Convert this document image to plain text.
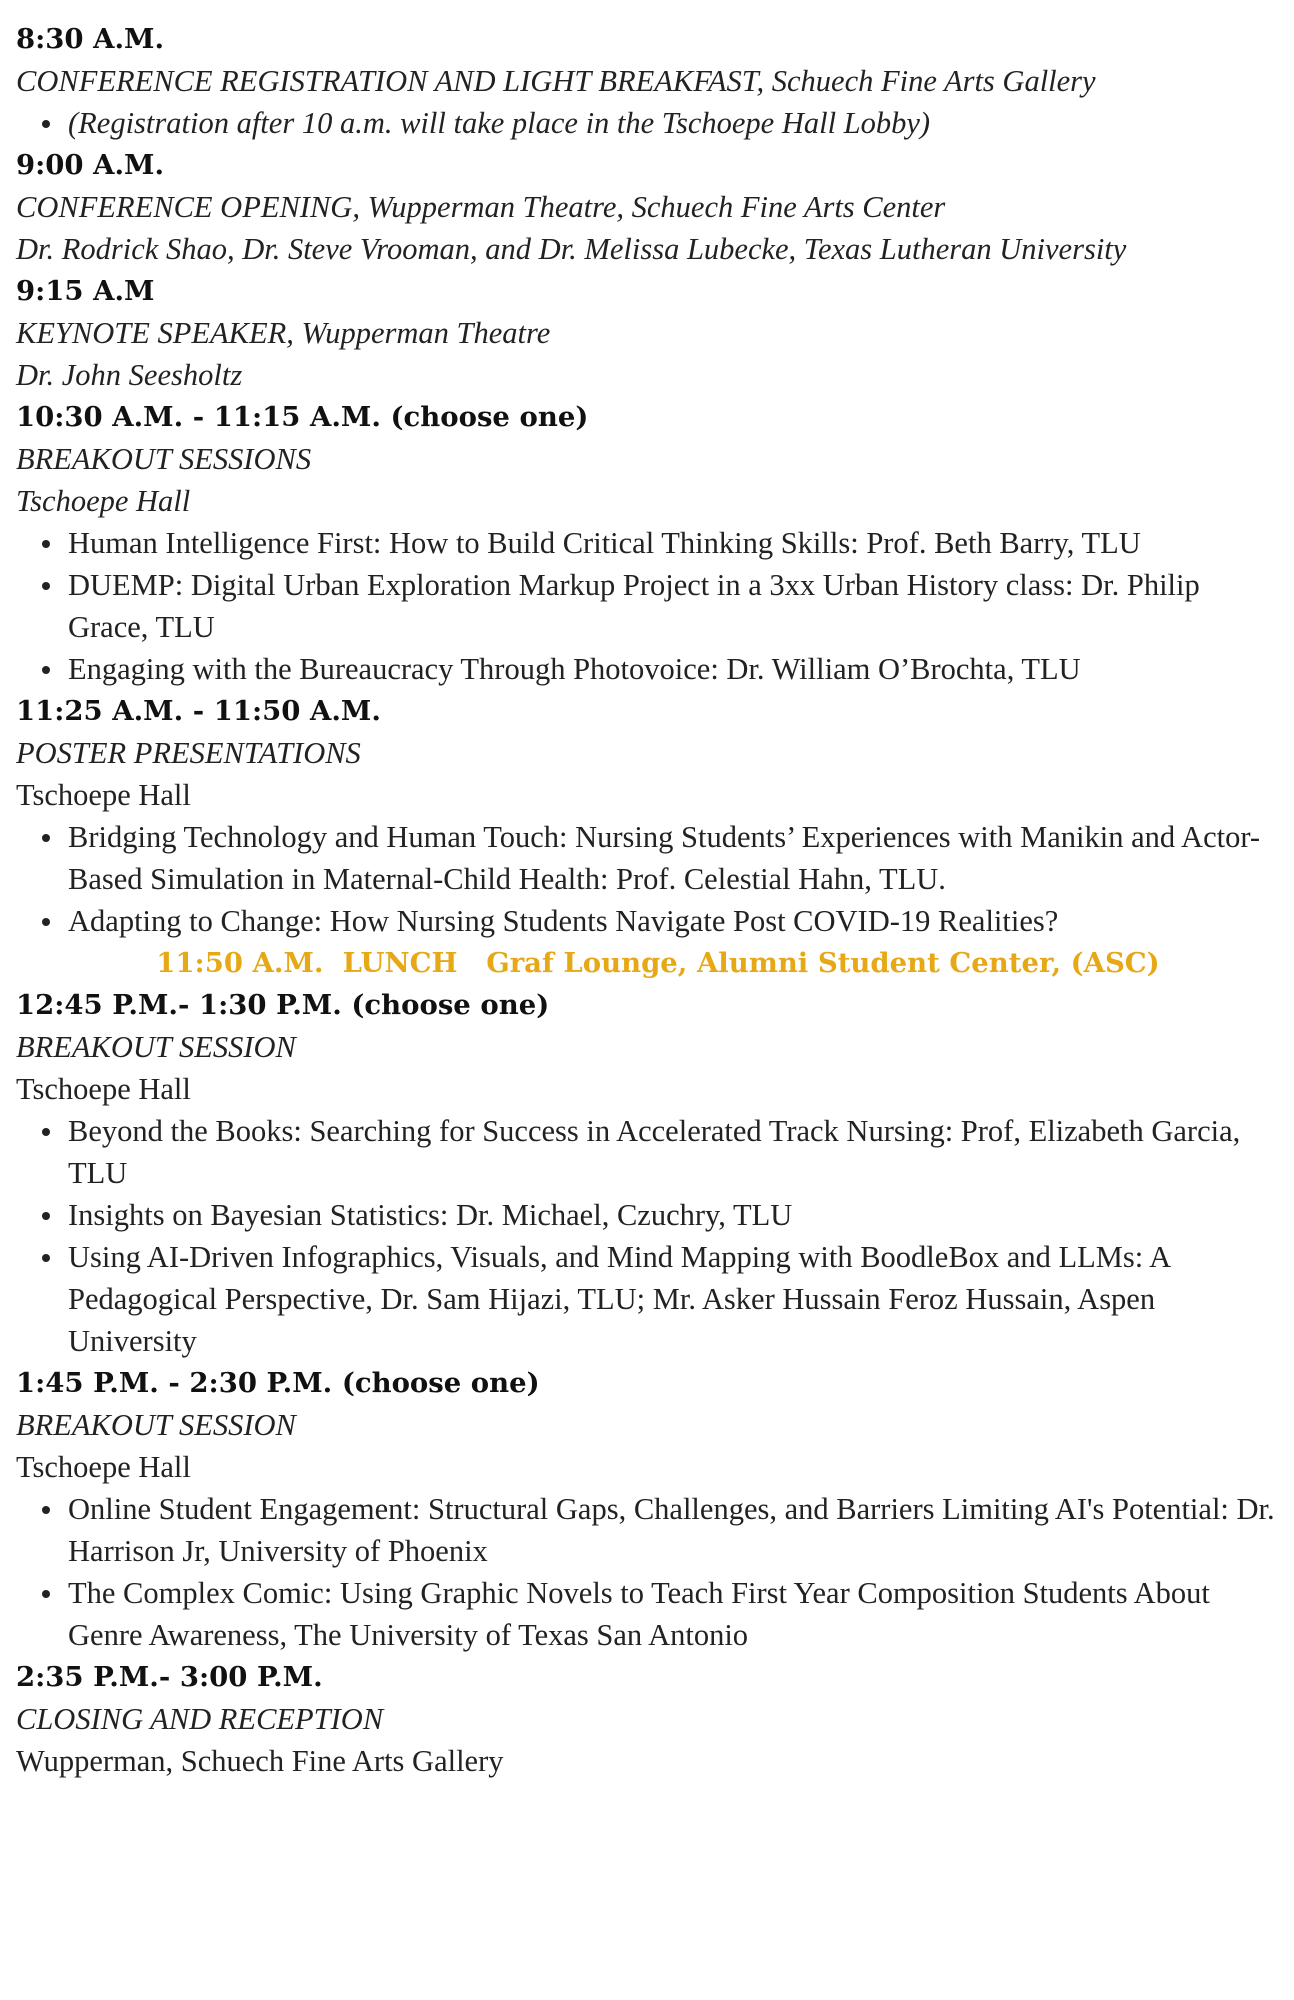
8:30 A.M.

CONFERENCE REGISTRATION AND LIGHT BREAKFAST, Schuech Fine Arts Gallery

(Registration after 10 a.m. will take place in the Tschoepe Hall Lobby)

9:00 A.M.

CONFERENCE OPENING, Wupperman Theatre, Schuech Fine Arts Center

Dr. Rodrick Shao, Dr. Steve Vrooman, and Dr. Melissa Lubecke, Texas Lutheran University

9:15 A.M

KEYNOTE SPEAKER, Wupperman Theatre

Dr. John Seesholtz

10:30 A.M. - 11:15 A.M. (choose one)

BREAKOUT SESSIONS

Tschoepe Hall

Human Intelligence First: How to Build Critical Thinking Skills: Prof. Beth Barry, TLU
DUEMP: Digital Urban Exploration Markup Project in a 3xx Urban History class: Dr. Philip Grace, TLU
Engaging with the Bureaucracy Through Photovoice: Dr. William O’Brochta, TLU

11:25 A.M. - 11:50 A.M.

POSTER PRESENTATIONS

Tschoepe Hall

Bridging Technology and Human Touch: Nursing Students’ Experiences with Manikin and Actor-Based Simulation in Maternal-Child Health: Prof. Celestial Hahn, TLU.
Adapting to Change: How Nursing Students Navigate Post COVID-19 Realities?
11:50 A.M. LUNCH Graf Lounge, Alumni Student Center, (ASC)

12:45 P.M.- 1:30 P.M. (choose one)

BREAKOUT SESSION

Tschoepe Hall

Beyond the Books: Searching for Success in Accelerated Track Nursing: Prof, Elizabeth Garcia, TLU
Insights on Bayesian Statistics: Dr. Michael, Czuchry, TLU
Using AI-Driven Infographics, Visuals, and Mind Mapping with BoodleBox and LLMs: A Pedagogical Perspective, Dr. Sam Hijazi, TLU; Mr. Asker Hussain Feroz Hussain, Aspen University

1:45 P.M. - 2:30 P.M. (choose one)

BREAKOUT SESSION

Tschoepe Hall

Online Student Engagement: Structural Gaps, Challenges, and Barriers Limiting AI's Potential: Dr. Harrison Jr, University of Phoenix
The Complex Comic: Using Graphic Novels to Teach First Year Composition Students About Genre Awareness, The University of Texas San Antonio

2:35 P.M.- 3:00 P.M.

CLOSING AND RECEPTION

Wupperman, Schuech Fine Arts Gallery
